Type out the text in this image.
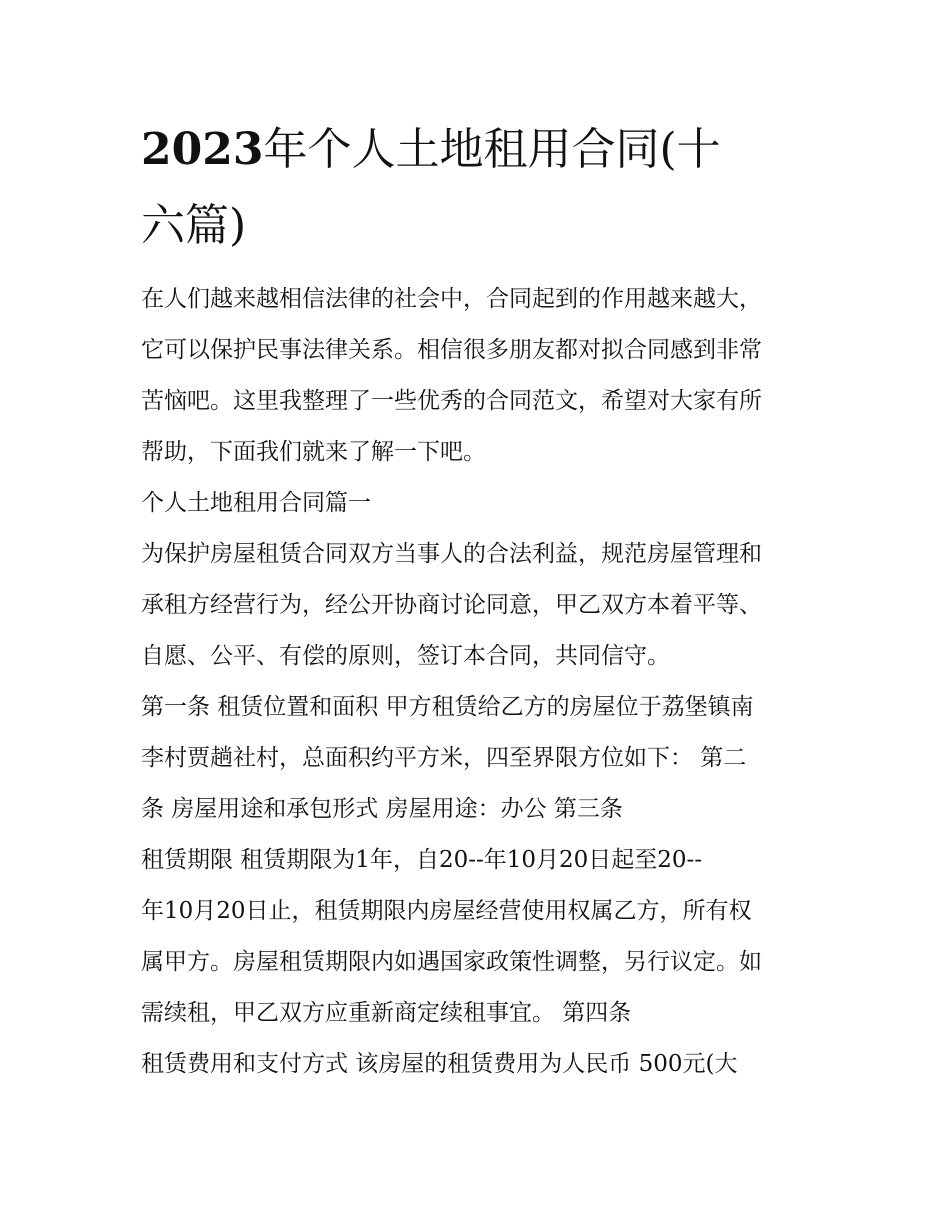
2023年个人土地租用合同(十
六篇)

在人们越来越相信法律的社会中，合同起到的作用越来越大，

它可以保护民事法律关系。相信很多朋友都对拟合同感到非常

苦恼吧。这里我整理了一些优秀的合同范文，希望对大家有所

帮助，下面我们就来了解一下吧。

个人土地租用合同篇一

为保护房屋租赁合同双方当事人的合法利益，规范房屋管理和

承租方经营行为，经公开协商讨论同意，甲乙双方本着平等、

自愿、公平、有偿的原则，签订本合同，共同信守。

第一条 租赁位置和面积 甲方租赁给乙方的房屋位于荔堡镇南

李村贾趟社村，总面积约平方米，四至界限方位如下： 第二

条 房屋用途和承包形式 房屋用途：办公 第三条

租赁期限 租赁期限为1年，自20--年10月20日起至20--

年10月20日止，租赁期限内房屋经营使用权属乙方，所有权

属甲方。房屋租赁期限内如遇国家政策性调整，另行议定。如

需续租，甲乙双方应重新商定续租事宜。 第四条

租赁费用和支付方式 该房屋的租赁费用为人民币 500元(大
